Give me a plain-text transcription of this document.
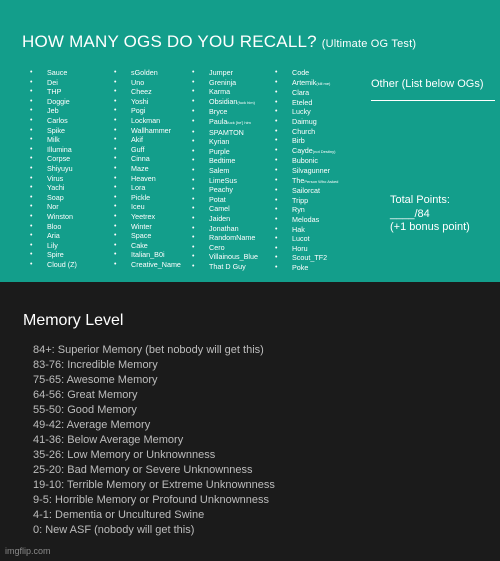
HOW MANY OGS DO YOU RECALL? (Ultimate OG Test)
• Sauce
• Dei
• THP
• Doggie
• Jeb
• Carlos
• Spike
• Milk
• Illumina
• Corpse
• Shiyuyu
• Virus
• Yachi
• Soap
• Nor
• Winston
• Bloo
• Aria
• Lily
• Spire
• Cloud (Z)
• sGolden
• Uno
• Cheez
• Yoshi
• Pogi
• Lockman
• Wallhammer
• Akif
• Guff
• Cinna
• Maze
• Heaven
• Lora
• Pickle
• Iceu
• Yeetrex
• Winter
• Space
• Cake
• Italian_B0i
• Creative_Name
• Jumper
• Greninja
• Karma
• Obsidian(fuck him)
• Bryce
• Paulafuck [he'] him
• SPAMTON
• Kyrian
• Purple
• Bedtime
• Salem
• LimeSus
• Peachy
• Potat
• Camel
• Jaiden
• Jonathan
• RandomName
• Cero
• Villainous_Blue
• That D Guy
• Code
• Artemik(kill me)
• Clara
• Eteled
• Lucky
• Daimug
• Church
• Birb
• Cayde(not Destiny)
• Bubonic
• Silvagunner
• ThePerson Who Asked
• Sailorcat
• Tripp
• Ryn
• Melodas
• Hak
• Lucot
• Horu
• Scout_TF2
• Poke
Other (List below OGs)
Total Points:
____/84
(+1 bonus point)
Memory Level
84+: Superior Memory (bet nobody will get this)
83-76: Incredible Memory
75-65: Awesome Memory
64-56: Great Memory
55-50: Good Memory
49-42: Average Memory
41-36: Below Average Memory
35-26: Low Memory or Unknownness
25-20: Bad Memory or Severe Unknownness
19-10: Terrible Memory or Extreme Unknownness
9-5: Horrible Memory or Profound Unknownness
4-1: Dementia or Uncultured Swine
0: New ASF (nobody will get this)
imgflip.com
